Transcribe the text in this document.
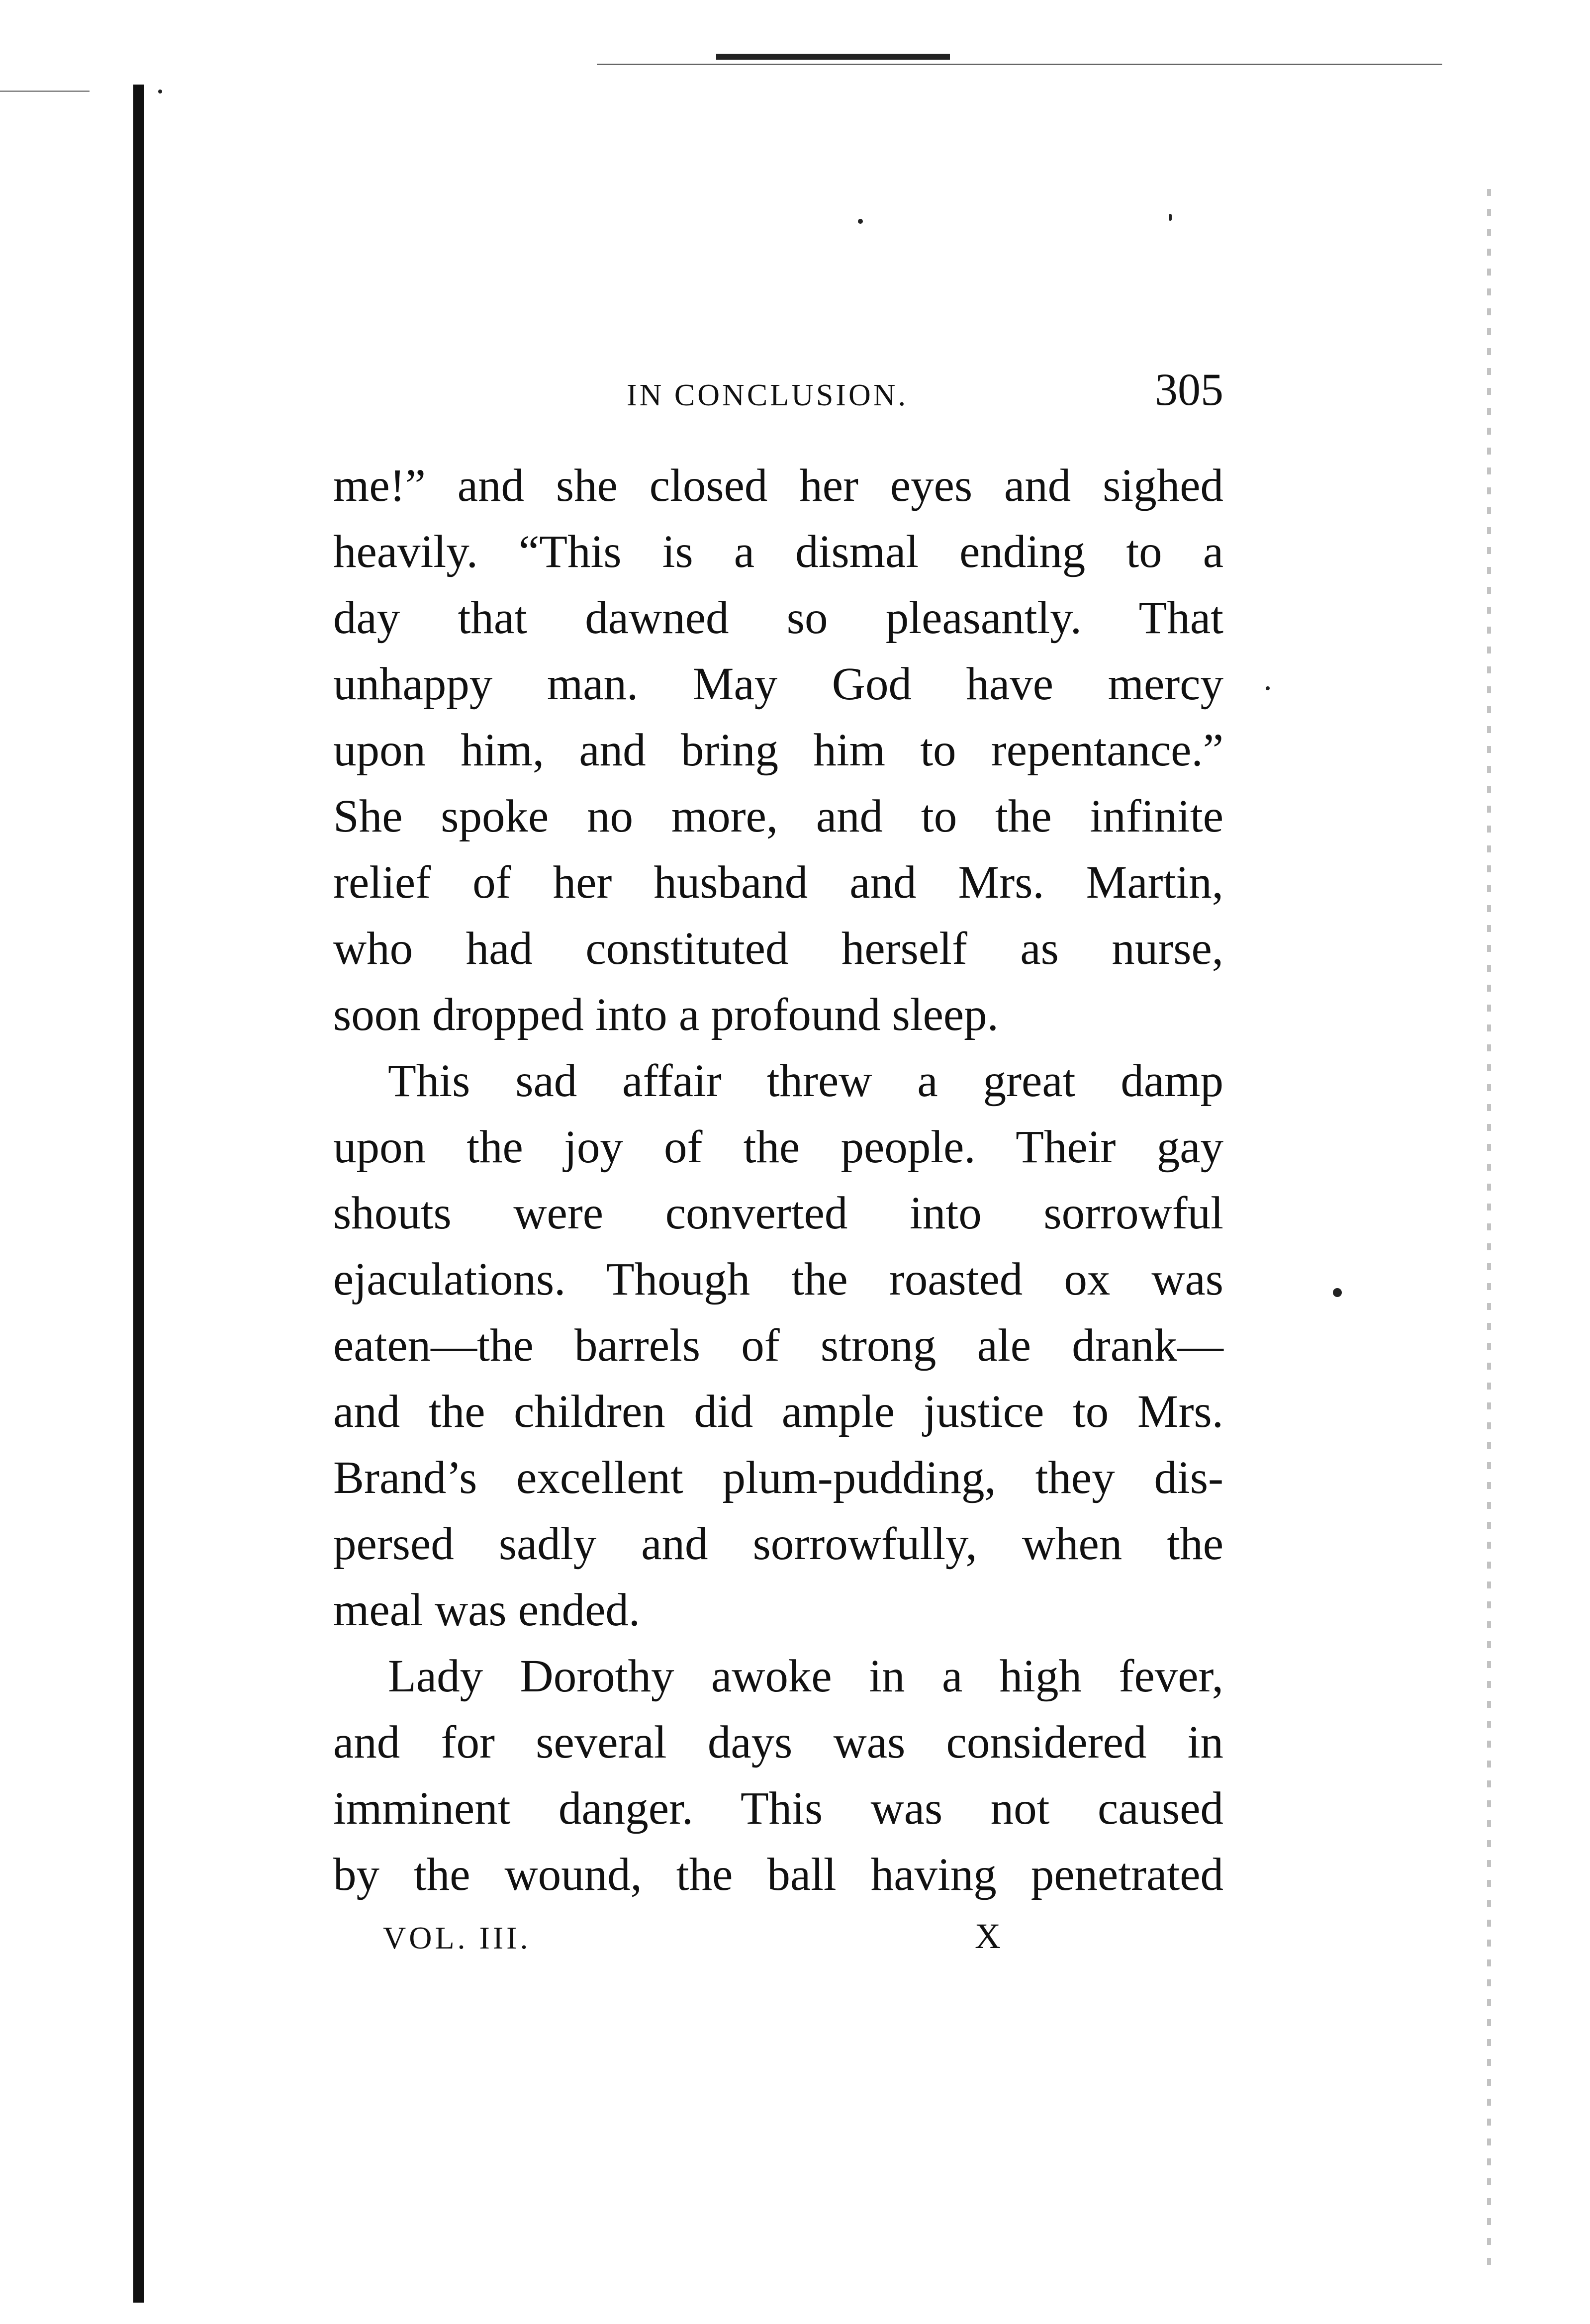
IN CONCLUSION.	305
me!” and she closed her eyes and sighed
heavily. “This is a dismal ending to a
day that dawned so pleasantly. That
unhappy man. May God have mercy
upon him, and bring him to repentance.”
She spoke no more, and to the infinite
relief of her husband and Mrs. Martin,
who had constituted herself as nurse,
soon dropped into a profound sleep.
This sad affair threw a great damp
upon the joy of the people. Their gay
shouts were converted into sorrowful
ejaculations. Though the roasted ox was
eaten—the barrels of strong ale drank—
and the children did ample justice to Mrs.
Brand’s excellent plum-pudding, they dis-
persed sadly and sorrowfully, when the
meal was ended.
Lady Dorothy awoke in a high fever,
and for several days was considered in
imminent danger. This was not caused
by the wound, the ball having penetrated
VOL. III.	X
